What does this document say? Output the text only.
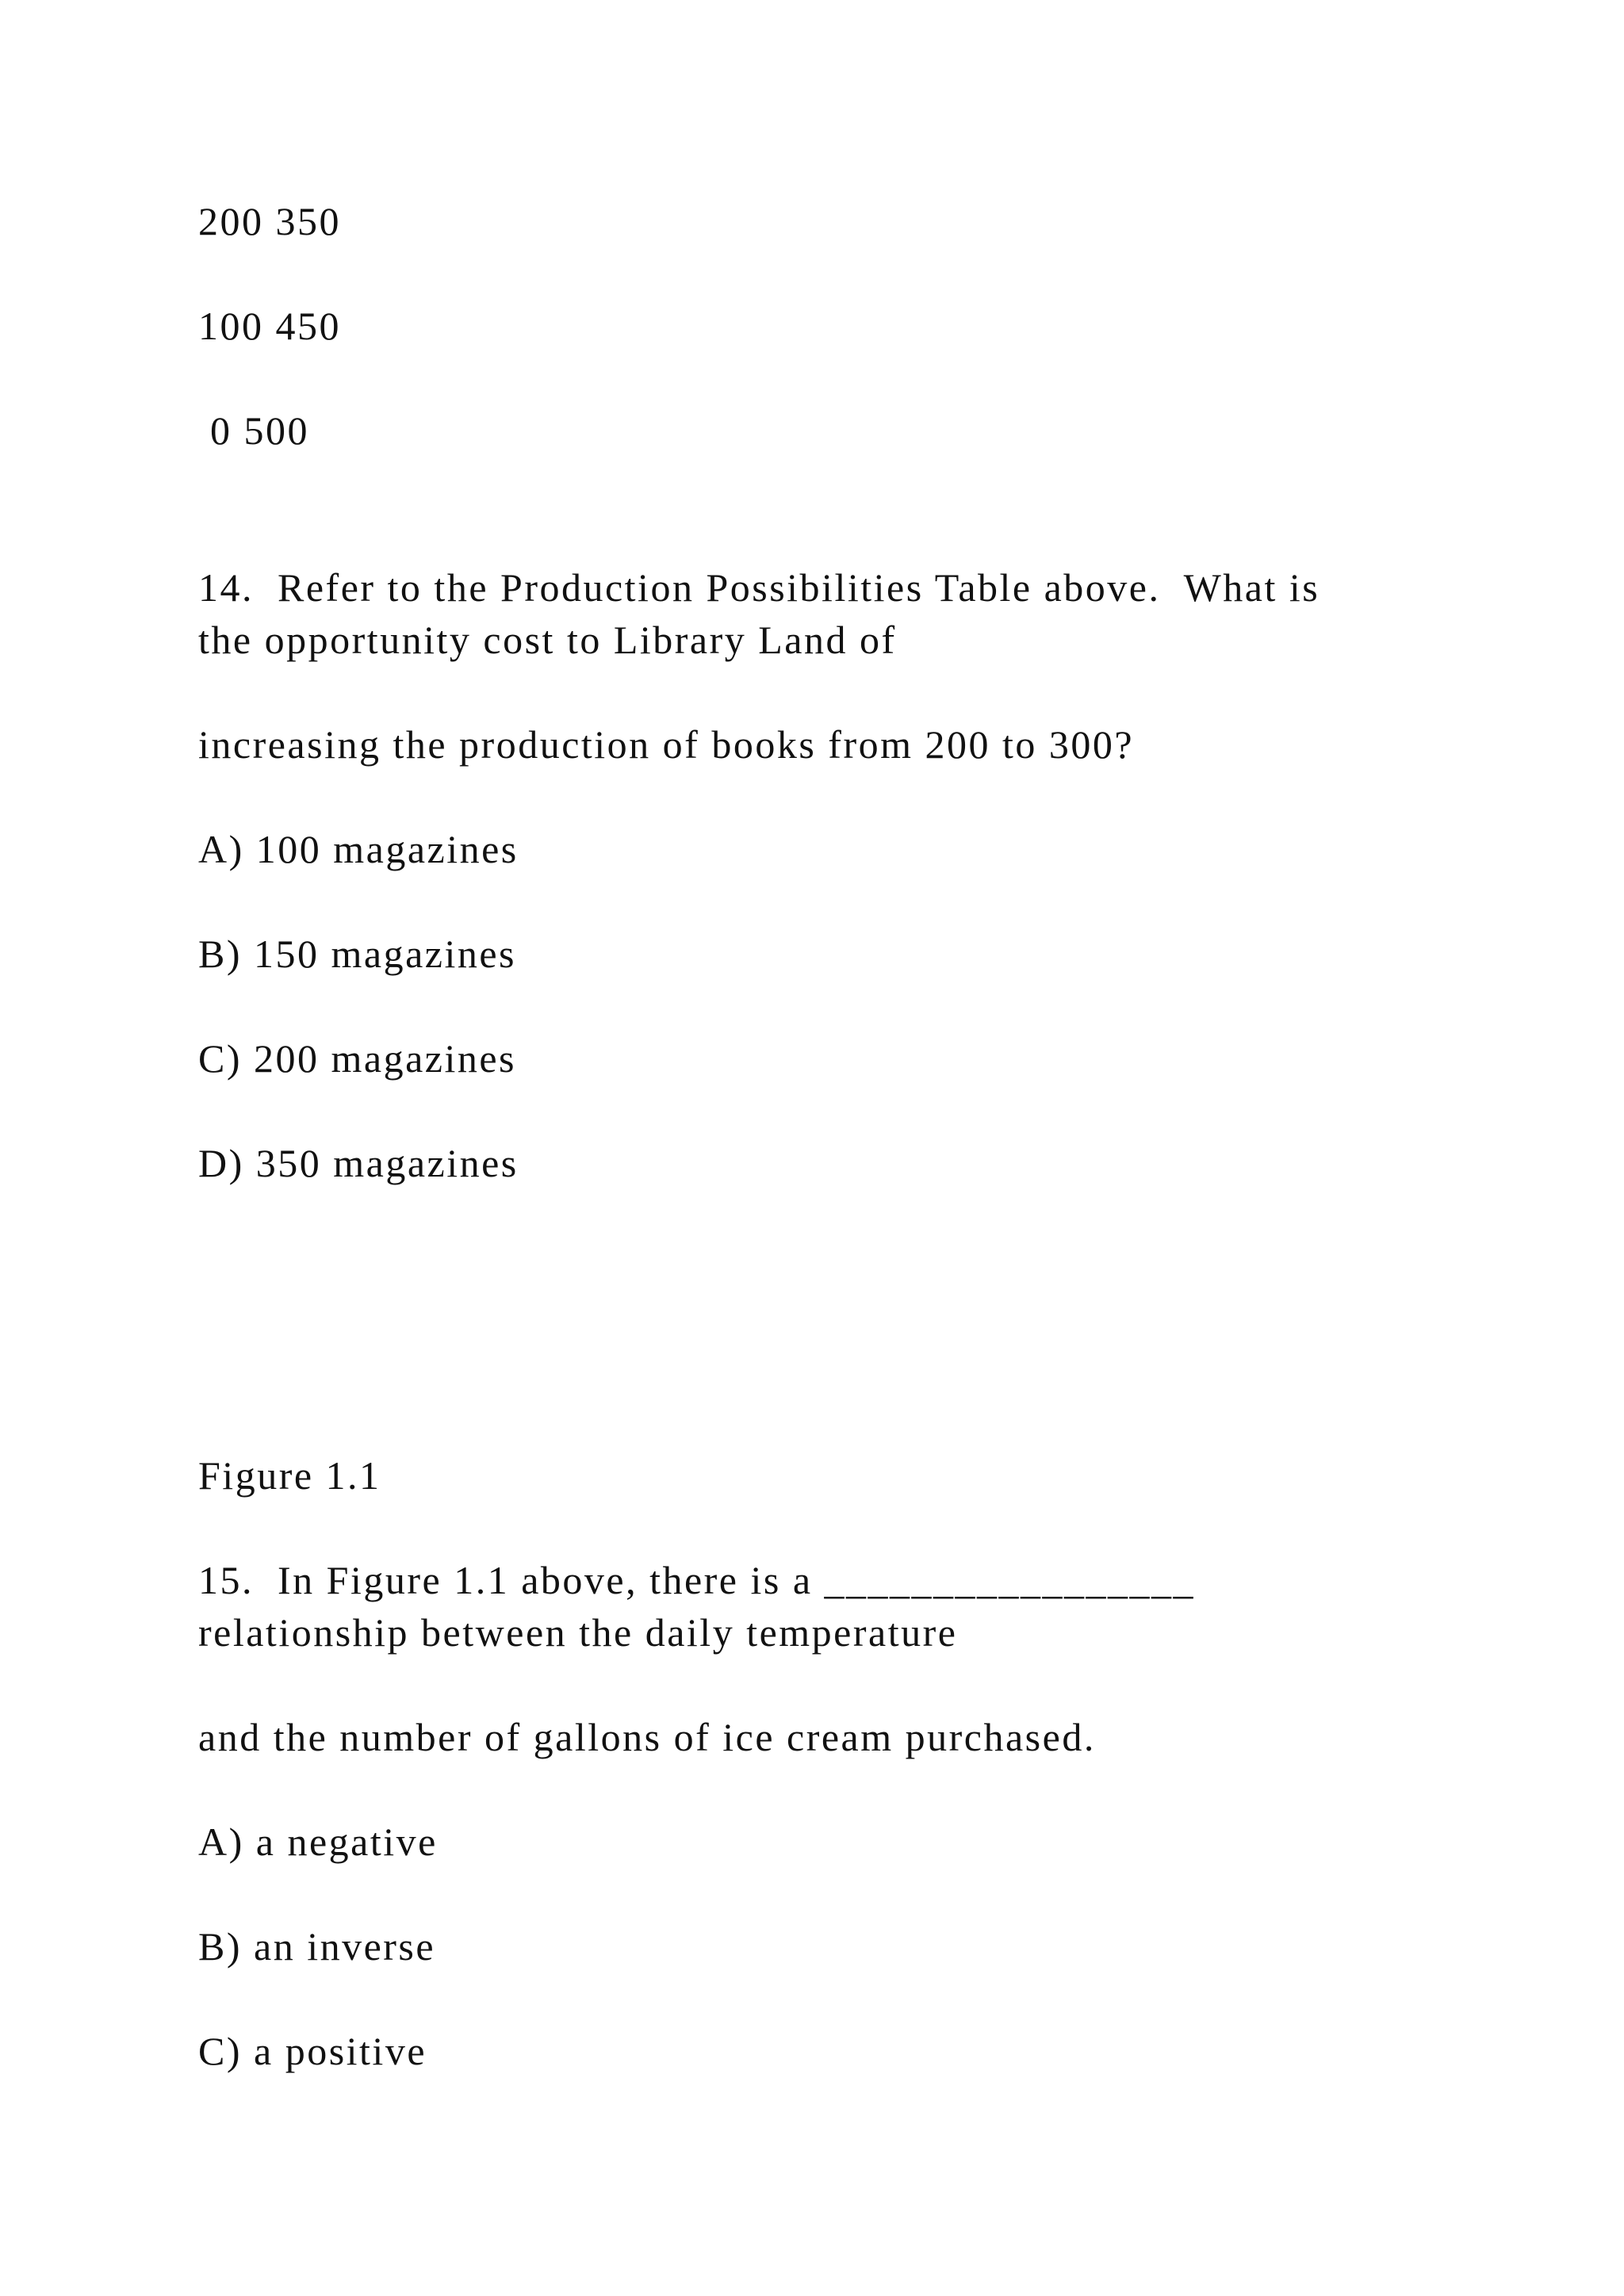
200 350

100 450

0 500

14.  Refer to the Production Possibilities Table above.  What is

the opportunity cost to Library Land of

increasing the production of books from 200 to 300?

A) 100 magazines

B) 150 magazines

C) 200 magazines

D) 350 magazines

Figure 1.1

15.  In Figure 1.1 above, there is a _________________

relationship between the daily temperature

and the number of gallons of ice cream purchased.

A) a negative

B) an inverse

C) a positive
